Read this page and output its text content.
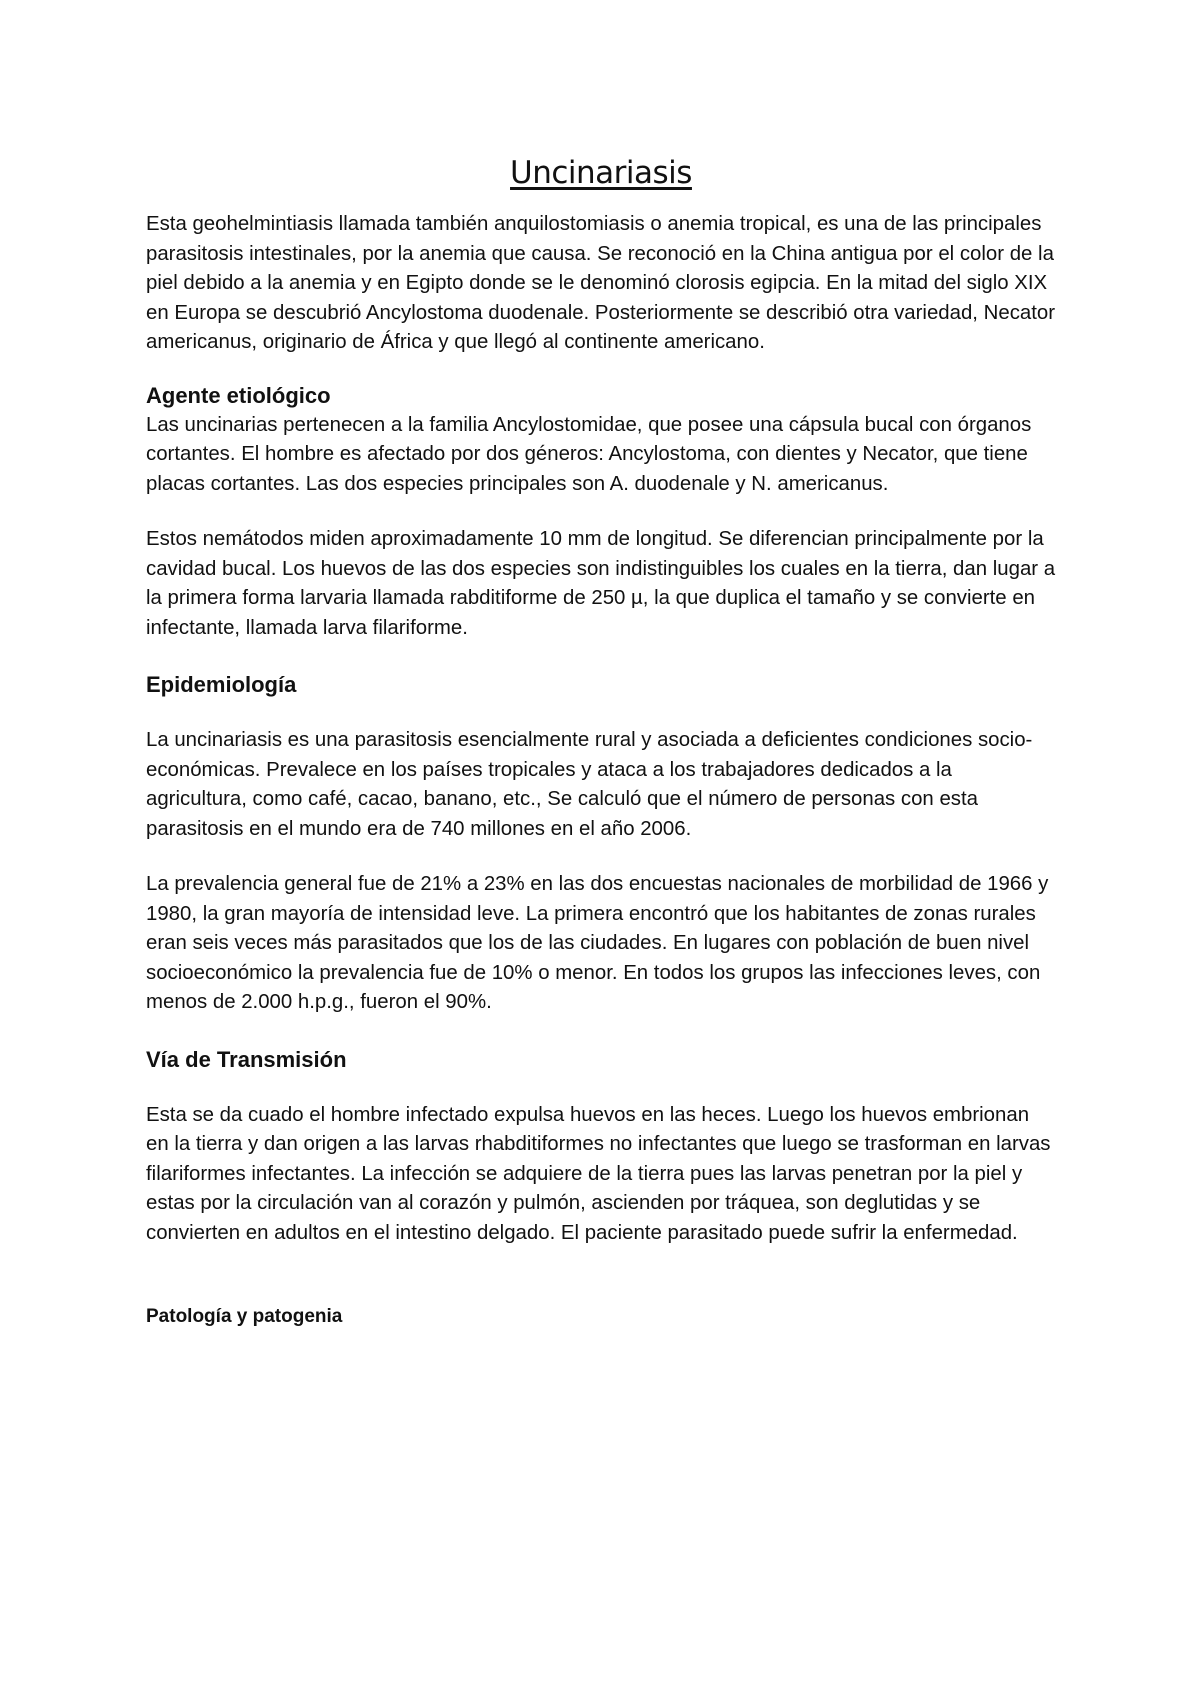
Uncinariasis

Esta geohelmintiasis llamada también anquilostomiasis o anemia tropical, es una de las principales parasitosis intestinales, por la anemia que causa. Se reconoció en la China antigua por el color de la piel debido a la anemia y en Egipto donde se le denominó clorosis egipcia. En la mitad del siglo XIX en Europa se descubrió Ancylostoma duodenale. Posteriormente se describió otra variedad, Necator americanus, originario de África y que llegó al continente americano.

Agente etiológico

Las uncinarias pertenecen a la familia Ancylostomidae, que posee una cápsula bucal con órganos cortantes. El hombre es afectado por dos géneros: Ancylostoma, con dientes y Necator, que tiene placas cortantes. Las dos especies principales son A. duodenale y N. americanus.

Estos nemátodos miden aproximadamente 10 mm de longitud. Se diferencian principalmente por la cavidad bucal. Los huevos de las dos especies son indistinguibles los cuales en la tierra, dan lugar a la primera forma larvaria llamada rabditiforme de 250 µ, la que duplica el tamaño y se convierte en infectante, llamada larva filariforme.

Epidemiología

La uncinariasis es una parasitosis esencialmente rural y asociada a deficientes condiciones socio-económicas. Prevalece en los países tropicales y ataca a los trabajadores dedicados a la agricultura, como café, cacao, banano, etc., Se calculó que el número de personas con esta parasitosis en el mundo era de 740 millones en el año 2006.

La prevalencia general fue de 21% a 23% en las dos encuestas nacionales de morbilidad de 1966 y 1980, la gran mayoría de intensidad leve. La primera encontró que los habitantes de zonas rurales eran seis veces más parasitados que los de las ciudades. En lugares con población de buen nivel socioeconómico la prevalencia fue de 10% o menor. En todos los grupos las infecciones leves, con menos de 2.000 h.p.g., fueron el 90%.

Vía de Transmisión

Esta se da cuado el hombre infectado expulsa huevos en las heces. Luego los huevos embrionan en la tierra y dan origen a las larvas rhabditiformes no infectantes que luego se trasforman en larvas filariformes infectantes. La infección se adquiere de la tierra pues las larvas penetran por la piel y estas por la circulación van al corazón y pulmón, ascienden por tráquea, son deglutidas y se convierten en adultos en el intestino delgado. El paciente parasitado puede sufrir la enfermedad.

Patología y patogenia
